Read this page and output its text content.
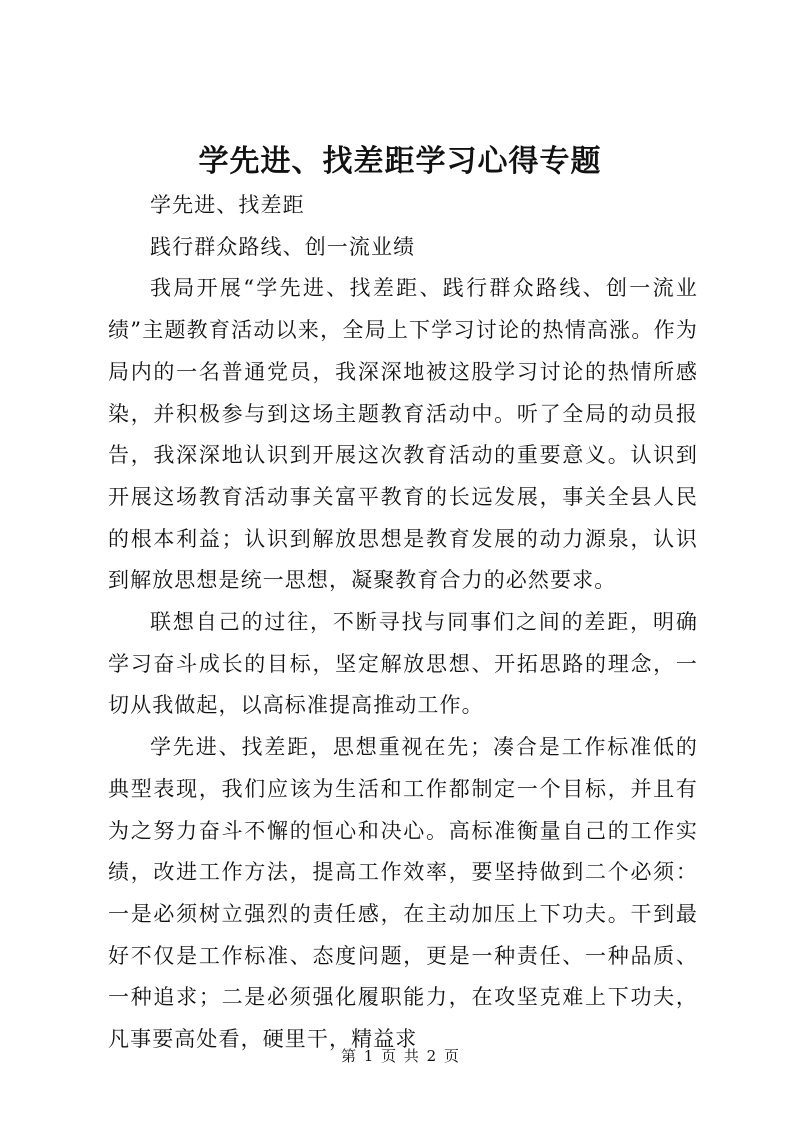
学先进、找差距学习心得专题

学先进、找差距

践行群众路线、创一流业绩

我局开展“学先进、找差距、践行群众路线、创一流业绩”主题教育活动以来，全局上下学习讨论的热情高涨。作为局内的一名普通党员，我深深地被这股学习讨论的热情所感染，并积极参与到这场主题教育活动中。听了全局的动员报告，我深深地认识到开展这次教育活动的重要意义。认识到开展这场教育活动事关富平教育的长远发展，事关全县人民的根本利益；认识到解放思想是教育发展的动力源泉，认识到解放思想是统一思想，凝聚教育合力的必然要求。

联想自己的过往，不断寻找与同事们之间的差距，明确学习奋斗成长的目标，坚定解放思想、开拓思路的理念，一切从我做起，以高标准提高推动工作。

学先进、找差距，思想重视在先；凑合是工作标准低的典型表现，我们应该为生活和工作都制定一个目标，并且有为之努力奋斗不懈的恒心和决心。高标准衡量自己的工作实绩，改进工作方法，提高工作效率，要坚持做到二个必须：一是必须树立强烈的责任感，在主动加压上下功夫。干到最好不仅是工作标准、态度问题，更是一种责任、一种品质、一种追求；二是必须强化履职能力，在攻坚克难上下功夫，凡事要高处看，硬里干，精益求

第 1 页 共 2 页
